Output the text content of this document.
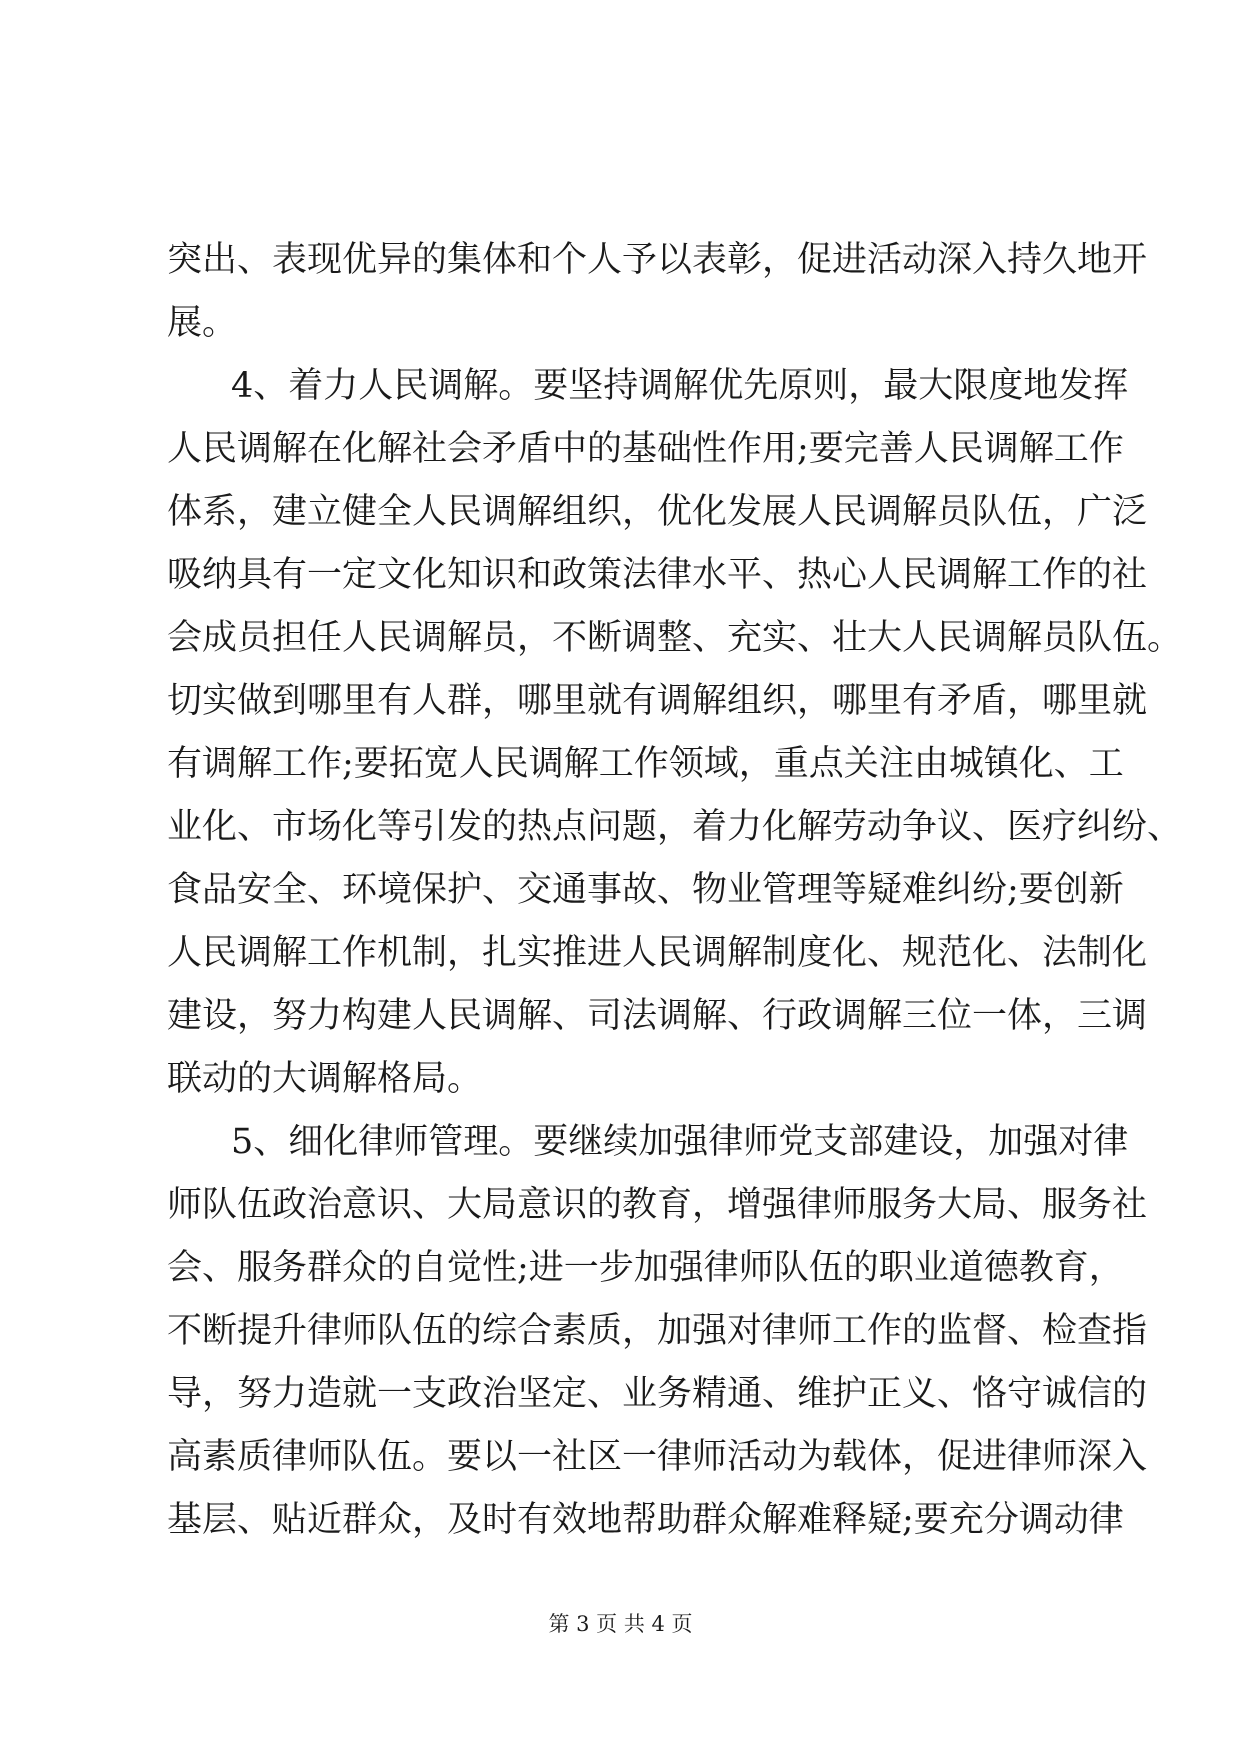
突出、表现优异的集体和个人予以表彰，促进活动深入持久地开
展。
4、着力人民调解。要坚持调解优先原则，最大限度地发挥
人民调解在化解社会矛盾中的基础性作用;要完善人民调解工作
体系，建立健全人民调解组织，优化发展人民调解员队伍，广泛
吸纳具有一定文化知识和政策法律水平、热心人民调解工作的社
会成员担任人民调解员，不断调整、充实、壮大人民调解员队伍。
切实做到哪里有人群，哪里就有调解组织，哪里有矛盾，哪里就
有调解工作;要拓宽人民调解工作领域，重点关注由城镇化、工
业化、市场化等引发的热点问题，着力化解劳动争议、医疗纠纷、
食品安全、环境保护、交通事故、物业管理等疑难纠纷;要创新
人民调解工作机制，扎实推进人民调解制度化、规范化、法制化
建设，努力构建人民调解、司法调解、行政调解三位一体，三调
联动的大调解格局。
5、细化律师管理。要继续加强律师党支部建设，加强对律
师队伍政治意识、大局意识的教育，增强律师服务大局、服务社
会、服务群众的自觉性;进一步加强律师队伍的职业道德教育，
不断提升律师队伍的综合素质，加强对律师工作的监督、检查指
导，努力造就一支政治坚定、业务精通、维护正义、恪守诚信的
高素质律师队伍。要以一社区一律师活动为载体，促进律师深入
基层、贴近群众，及时有效地帮助群众解难释疑;要充分调动律
第 3 页 共 4 页
